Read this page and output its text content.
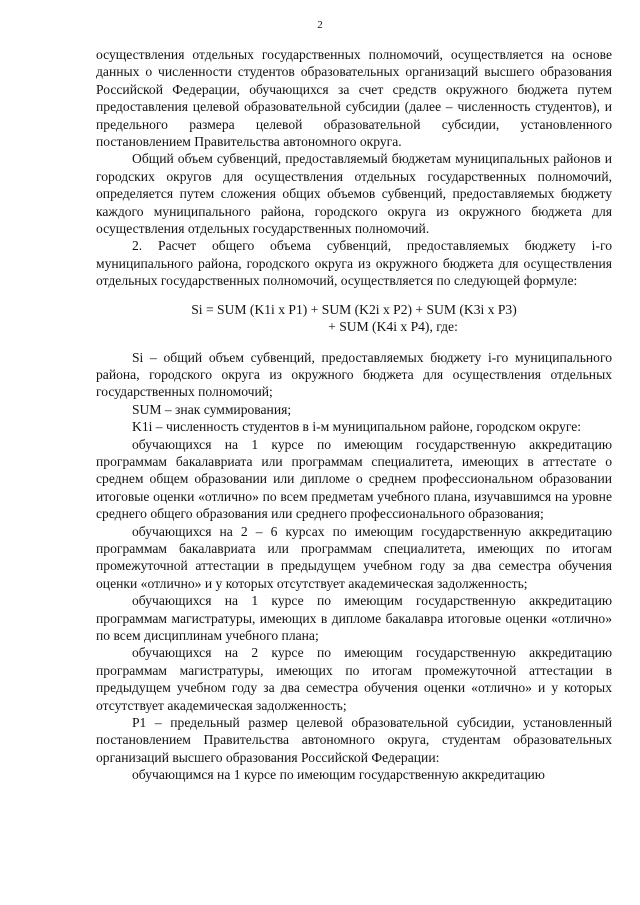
2

осуществления отдельных государственных полномочий, осуществляется на основе данных о численности студентов образовательных организаций высшего образования Российской Федерации, обучающихся за счет средств окружного бюджета путем предоставления целевой образовательной субсидии (далее – численность студентов), и предельного размера целевой образовательной субсидии, установленного постановлением Правительства автономного округа.

Общий объем субвенций, предоставляемый бюджетам муниципальных районов и городских округов для осуществления отдельных государственных полномочий, определяется путем сложения общих объемов субвенций, предоставляемых бюджету каждого муниципального района, городского округа из окружного бюджета для осуществления отдельных государственных полномочий.

2. Расчет общего объема субвенций, предоставляемых бюджету i-го муниципального района, городского округа из окружного бюджета для осуществления отдельных государственных полномочий, осуществляется по следующей формуле:

Si = SUM (K1i x P1) + SUM (K2i x P2) + SUM (K3i x P3)
+ SUM (K4i x P4), где:

Si – общий объем субвенций, предоставляемых бюджету i-го муниципального района, городского округа из окружного бюджета для осуществления отдельных государственных полномочий;

SUM – знак суммирования;

K1i – численность студентов в i-м муниципальном районе, городском округе:

обучающихся на 1 курсе по имеющим государственную аккредитацию программам бакалавриата или программам специалитета, имеющих в аттестате о среднем общем образовании или дипломе о среднем профессиональном образовании итоговые оценки «отлично» по всем предметам учебного плана, изучавшимся на уровне среднего общего образования или среднего профессионального образования;

обучающихся на 2 – 6 курсах по имеющим государственную аккредитацию программам бакалавриата или программам специалитета, имеющих по итогам промежуточной аттестации в предыдущем учебном году за два семестра обучения оценки «отлично» и у которых отсутствует академическая задолженность;

обучающихся на 1 курсе по имеющим государственную аккредитацию программам магистратуры, имеющих в дипломе бакалавра итоговые оценки «отлично» по всем дисциплинам учебного плана;

обучающихся на 2 курсе по имеющим государственную аккредитацию программам магистратуры, имеющих по итогам промежуточной аттестации в предыдущем учебном году за два семестра обучения оценки «отлично» и у которых отсутствует академическая задолженность;

P1 – предельный размер целевой образовательной субсидии, установленный постановлением Правительства автономного округа, студентам образовательных организаций высшего образования Российской Федерации:

обучающимся на 1 курсе по имеющим государственную аккредитацию
